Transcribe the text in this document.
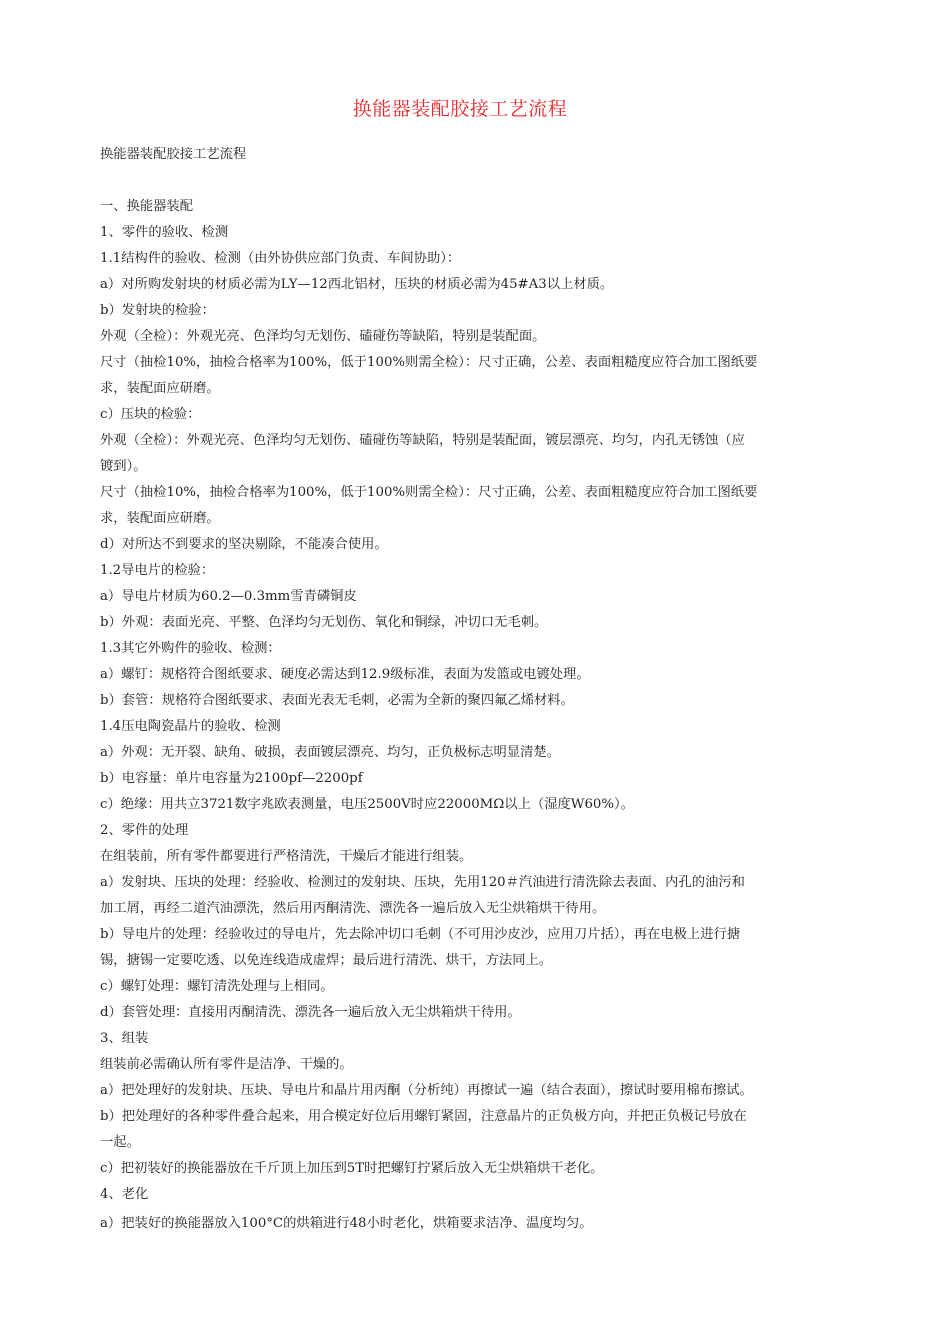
换能器装配胶接工艺流程
换能器装配胶接工艺流程
一、换能器装配
1、零件的验收、检测
1.1结构件的验收、检测（由外协供应部门负责、车间协助）：
a）对所购发射块的材质必需为LY—12西北铝材，压块的材质必需为45#A3以上材质。
b）发射块的检验：
外观（全检）：外观光亮、色泽均匀无划伤、磕碰伤等缺陷，特别是装配面。
尺寸（抽检10%，抽检合格率为100%，低于100%则需全检）：尺寸正确，公差、表面粗糙度应符合加工图纸要
求，装配面应研磨。
c）压块的检验：
外观（全检）：外观光亮、色泽均匀无划伤、磕碰伤等缺陷，特别是装配面，镀层漂亮、均匀，内孔无锈蚀（应
镀到）。
尺寸（抽检10%，抽检合格率为100%，低于100%则需全检）：尺寸正确，公差、表面粗糙度应符合加工图纸要
求，装配面应研磨。
d）对所达不到要求的坚决剔除，不能凑合使用。
1.2导电片的检验：
a）导电片材质为60.2—0.3mm雪青磷铜皮
b）外观：表面光亮、平整、色泽均匀无划伤、氧化和铜绿，冲切口无毛刺。
1.3其它外购件的验收、检测：
a）螺钉：规格符合图纸要求、硬度必需达到12.9级标准，表面为发篮或电镀处理。
b）套管：规格符合图纸要求、表面光表无毛刺，必需为全新的聚四氟乙烯材料。
1.4压电陶瓷晶片的验收、检测
a）外观：无开裂、缺角、破损，表面镀层漂亮、均匀，正负极标志明显清楚。
b）电容量：单片电容量为2100pf—2200pf
c）绝缘：用共立3721数字兆欧表测量，电压2500V时应22000MΩ以上（湿度W60%）。
2、零件的处理
在组装前，所有零件都要进行严格清洗，干燥后才能进行组装。
a）发射块、压块的处理：经验收、检测过的发射块、压块，先用120＃汽油进行清洗除去表面、内孔的油污和
加工屑，再经二道汽油漂洗，然后用丙酮清洗、漂洗各一遍后放入无尘烘箱烘干待用。
b）导电片的处理：经验收过的导电片，先去除冲切口毛刺（不可用沙皮沙，应用刀片括），再在电极上进行搪
锡，搪锡一定要吃透、以免连线造成虚焊；最后进行清洗、烘干，方法同上。
c）螺钉处理：螺钉清洗处理与上相同。
d）套管处理：直接用丙酮清洗、漂洗各一遍后放入无尘烘箱烘干待用。
3、组装
组装前必需确认所有零件是洁净、干燥的。
a）把处理好的发射块、压块、导电片和晶片用丙酮（分析纯）再擦试一遍（结合表面），擦试时要用棉布擦试。
b）把处理好的各种零件叠合起来，用合模定好位后用螺钉紧固，注意晶片的正负极方向，并把正负极记号放在
一起。
c）把初装好的换能器放在千斤顶上加压到5T时把螺钉拧紧后放入无尘烘箱烘干老化。
4、老化
a）把装好的换能器放入100°C的烘箱进行48小时老化，烘箱要求洁净、温度均匀。
